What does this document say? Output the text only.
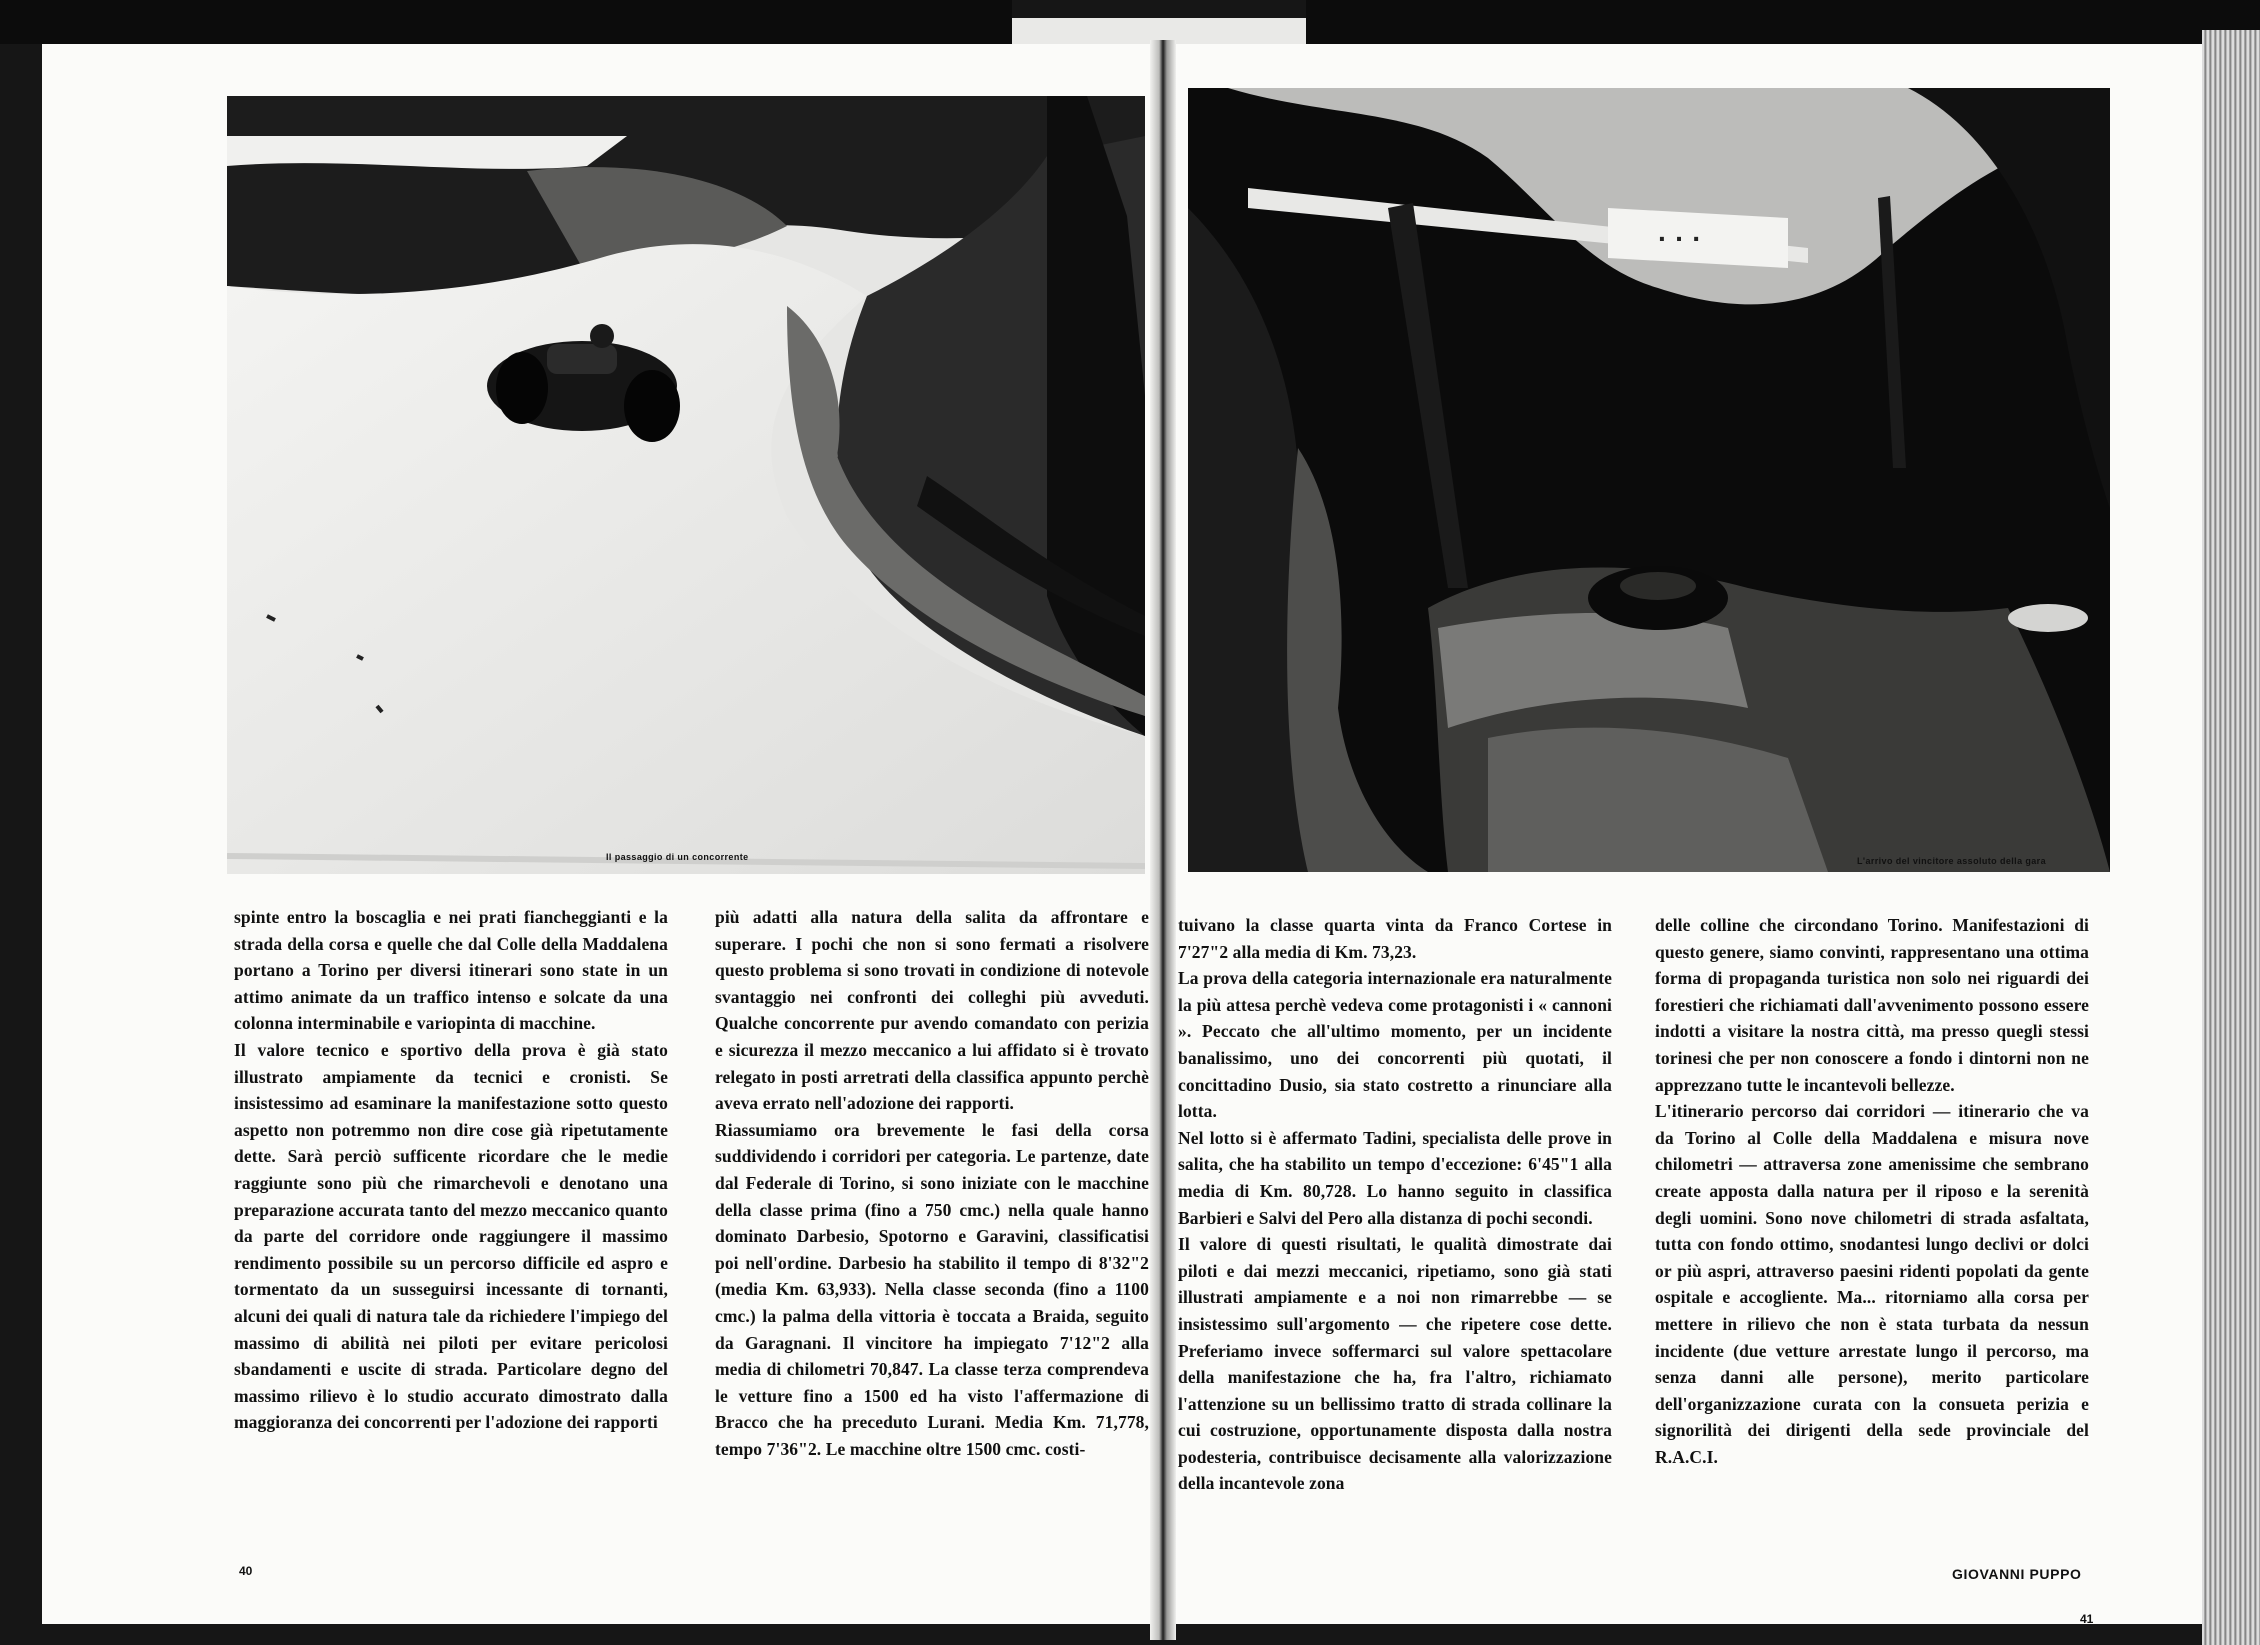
Il passaggio di un concorrente

spinte entro la boscaglia e nei prati fiancheggianti e la strada della corsa e quelle che dal Colle della Maddalena portano a Torino per diversi itinerari sono state in un attimo animate da un traffico intenso e solcate da una colonna interminabile e variopinta di macchine.

Il valore tecnico e sportivo della prova è già stato illustrato ampiamente da tecnici e cronisti. Se insistessimo ad esaminare la manifestazione sotto questo aspetto non potremmo non dire cose già ripetutamente dette. Sarà perciò sufficente ricordare che le medie raggiunte sono più che rimarchevoli e denotano una preparazione accurata tanto del mezzo meccanico quanto da parte del corridore onde raggiungere il massimo rendimento possibile su un percorso difficile ed aspro e tormentato da un susseguirsi incessante di tornanti, alcuni dei quali di natura tale da richiedere l'impiego del massimo di abilità nei piloti per evitare pericolosi sbandamenti e uscite di strada. Particolare degno del massimo rilievo è lo studio accurato dimostrato dalla maggioranza dei concorrenti per l'adozione dei rapporti

più adatti alla natura della salita da affrontare e superare. I pochi che non si sono fermati a risolvere questo problema si sono trovati in condizione di notevole svantaggio nei confronti dei colleghi più avveduti. Qualche concorrente pur avendo comandato con perizia e sicurezza il mezzo meccanico a lui affidato si è trovato relegato in posti arretrati della classifica appunto perchè aveva errato nell'adozione dei rapporti.

Riassumiamo ora brevemente le fasi della corsa suddividendo i corridori per categoria. Le partenze, date dal Federale di Torino, si sono iniziate con le macchine della classe prima (fino a 750 cmc.) nella quale hanno dominato Darbesio, Spotorno e Garavini, classificatisi poi nell'ordine. Darbesio ha stabilito il tempo di 8'32"2 (media Km. 63,933). Nella classe seconda (fino a 1100 cmc.) la palma della vittoria è toccata a Braida, seguito da Garagnani. Il vincitore ha impiegato 7'12"2 alla media di chilometri 70,847. La classe terza comprendeva le vetture fino a 1500 ed ha visto l'affermazione di Bracco che ha preceduto Lurani. Media Km. 71,778, tempo 7'36"2. Le macchine oltre 1500 cmc. costi-

40
· · ·
L'arrivo del vincitore assoluto della gara

tuivano la classe quarta vinta da Franco Cortese in 7'27"2 alla media di Km. 73,23.

La prova della categoria internazionale era naturalmente la più attesa perchè vedeva come protagonisti i « cannoni ». Peccato che all'ultimo momento, per un incidente banalissimo, uno dei concorrenti più quotati, il concittadino Dusio, sia stato costretto a rinunciare alla lotta.

Nel lotto si è affermato Tadini, specialista delle prove in salita, che ha stabilito un tempo d'eccezione: 6'45"1 alla media di Km. 80,728. Lo hanno seguito in classifica Barbieri e Salvi del Pero alla distanza di pochi secondi.

Il valore di questi risultati, le qualità dimostrate dai piloti e dai mezzi meccanici, ripetiamo, sono già stati illustrati ampiamente e a noi non rimarrebbe — se insistessimo sull'argomento — che ripetere cose dette. Preferiamo invece soffermarci sul valore spettacolare della manifestazione che ha, fra l'altro, richiamato l'attenzione su un bellissimo tratto di strada collinare la cui costruzione, opportunamente disposta dalla nostra podesteria, contribuisce decisamente alla valorizzazione della incantevole zona

delle colline che circondano Torino. Manifestazioni di questo genere, siamo convinti, rappresentano una ottima forma di propaganda turistica non solo nei riguardi dei forestieri che richiamati dall'avvenimento possono essere indotti a visitare la nostra città, ma presso quegli stessi torinesi che per non conoscere a fondo i dintorni non ne apprezzano tutte le incantevoli bellezze.

L'itinerario percorso dai corridori — itinerario che va da Torino al Colle della Maddalena e misura nove chilometri — attraversa zone amenissime che sembrano create apposta dalla natura per il riposo e la serenità degli uomini. Sono nove chilometri di strada asfaltata, tutta con fondo ottimo, snodantesi lungo declivi or dolci or più aspri, attraverso paesini ridenti popolati da gente ospitale e accogliente. Ma... ritorniamo alla corsa per mettere in rilievo che non è stata turbata da nessun incidente (due vetture arrestate lungo il percorso, ma senza danni alle persone), merito particolare dell'organizzazione curata con la consueta perizia e signorilità dei dirigenti della sede provinciale del R.A.C.I.

GIOVANNI PUPPO
41
